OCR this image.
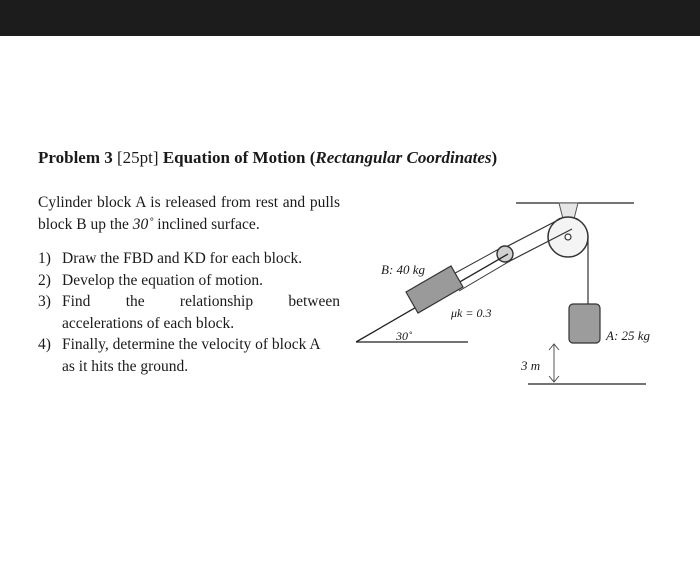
Problem 3 [25pt] Equation of Motion (Rectangular Coordinates)
Cylinder block A is released from rest and pulls block B up the 30˚ inclined surface.
1) Draw the FBD and KD for each block.
2) Develop the equation of motion.
3) Find the relationship between
accelerations of each block.
4) Finally, determine the velocity of block A
as it hits the ground.
B: 40 kg
A: 25 kg
μk = 0.3
30˚
3 m
